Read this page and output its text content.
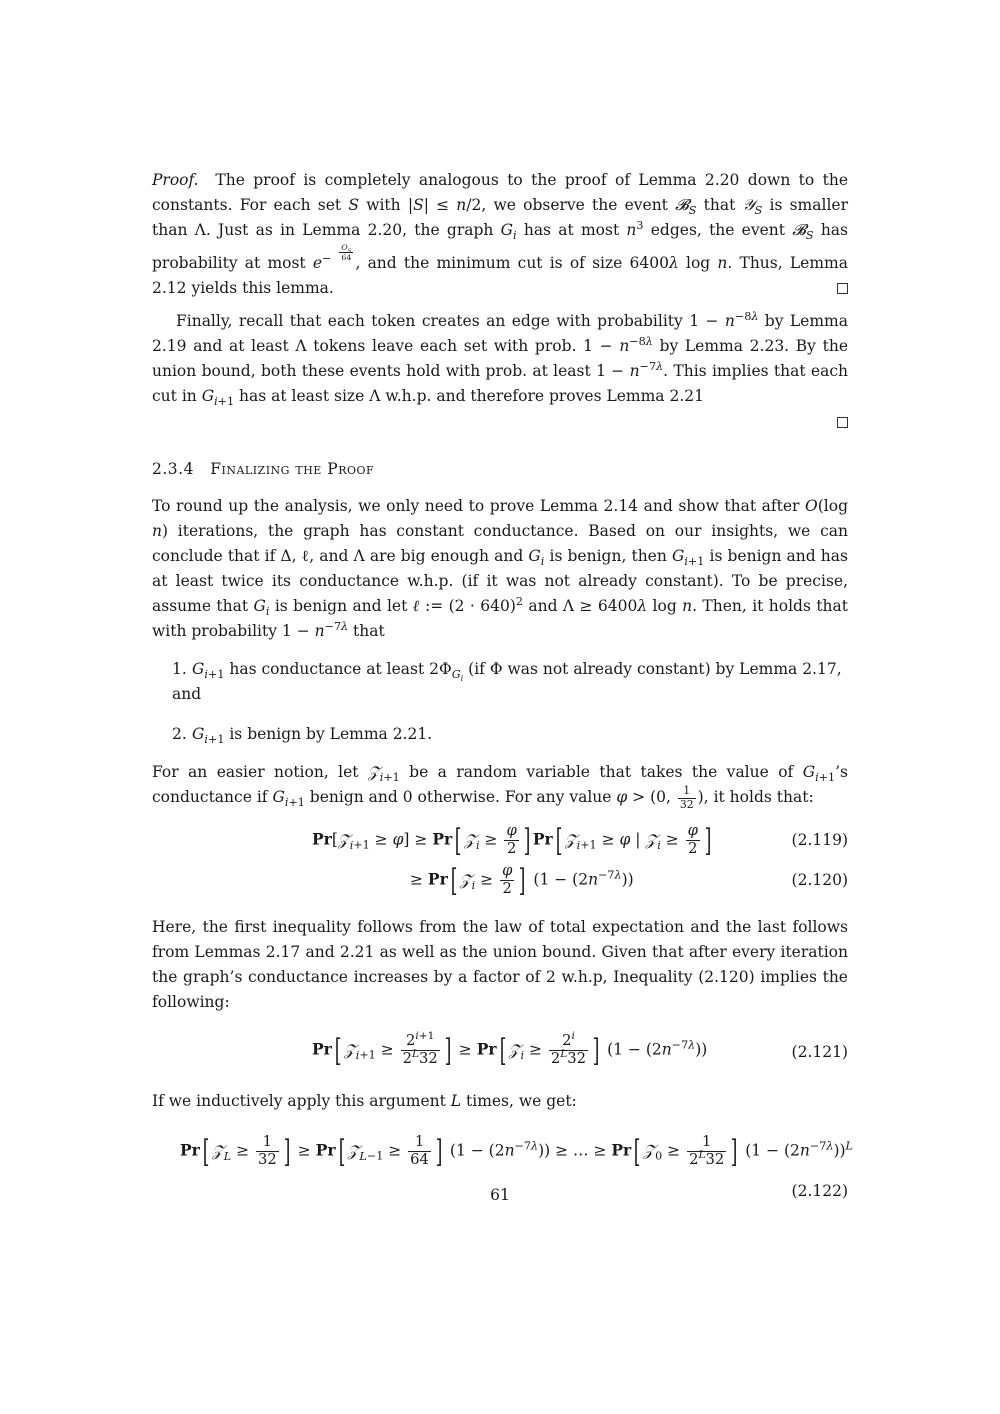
Proof. The proof is completely analogous to the proof of Lemma 2.20 down to the constants. For each set S with |S| ≤ n/2, we observe the event 𝓑$_S$ that 𝒴$_S$ is smaller than Λ. Just as in Lemma 2.20, the graph $G_i$ has at most $n^3$ edges, the event 𝓑$_S$ has probability at most $e^{- \frac{O_S}{64}}$
, and the minimum cut is of size 6400λ log n. Thus, Lemma 2.12 yields this lemma.

Finally, recall that each token creates an edge with probability $1 - n^{-8\lambda}$ by Lemma 2.19 and at least Λ tokens leave each set with prob. $1 - n^{-8\lambda}$ by Lemma 2.23. By the union bound, both these events hold with prob. at least $1 - n^{-7\lambda}$. This implies that each cut in $G_{i+1}$ has at least size Λ w.h.p. and therefore proves Lemma 2.21

2.3.4 Finalizing the Proof

To round up the analysis, we only need to prove Lemma 2.14 and show that after O(log n) iterations, the graph has constant conductance. Based on our insights, we can conclude that if Δ, ℓ, and Λ are big enough and $G_i$ is benign, then $G_{i+1}$ is benign and has at least twice its conductance w.h.p. (if it was not already constant). To be precise, assume that $G_i$ is benign and let ℓ := $(2 \cdot 640)^2$ and Λ ≥ 6400λ log n. Then, it holds that with probability $1 - n^{-7\lambda}$ that

1. $G_{i+1}$ has conductance at least $2\Phi_{G_i}$ (if Φ was not already constant) by Lemma 2.17, and
2. $G_{i+1}$ is benign by Lemma 2.21.

For an easier notion, let 𝒵$_{i+1}$ be a random variable that takes the value of $G_{i+1}’s$ conductance if $G_{i+1}$ benign and 0 otherwise. For any value φ > (0, $\frac{1}{32}$ ), it holds that:

Pr[𝒵$_{i+1}$ ≥ φ] ≥ Pr[ 𝒵$_i$ ≥ $\frac{\varphi}{2}$ ] Pr[ 𝒵$_{i+1}$ ≥ φ | 𝒵$_i$ ≥ $\frac{\varphi}{2}$ ]	(2.119)
≥ Pr[ 𝒵$_i$ ≥ $\frac{\varphi}{2}$ ] $(1 - (2n^{-7\lambda}))$	(2.120)

Here, the first inequality follows from the law of total expectation and the last follows from Lemmas 2.17 and 2.21 as well as the union bound. Given that after every iteration the graph’s conductance increases by a factor of 2 w.h.p, Inequality (2.120) implies the following:

Pr[ 𝒵$_{i+1}$ ≥ $\frac{2^{i+1}}{2^L32}$ ] ≥ Pr[ 𝒵$_i$ ≥ $\frac{2^i}{2^L32}$ ] $(1 - (2n^{-7\lambda}))$	(2.121)

If we inductively apply this argument L times, we get:

Pr[ 𝒵$_L$ ≥ $\frac{1}{32}$ ] ≥ Pr[ 𝒵$_{L-1}$ ≥ $\frac{1}{64}$ ] $(1 - (2n^{-7\lambda}))$ ≥ … ≥ Pr[ 𝒵$_0$ ≥ $\frac{1}{2^L32}$ ] $(1 - (2n^{-7\lambda}))^L$
(2.122)
61
